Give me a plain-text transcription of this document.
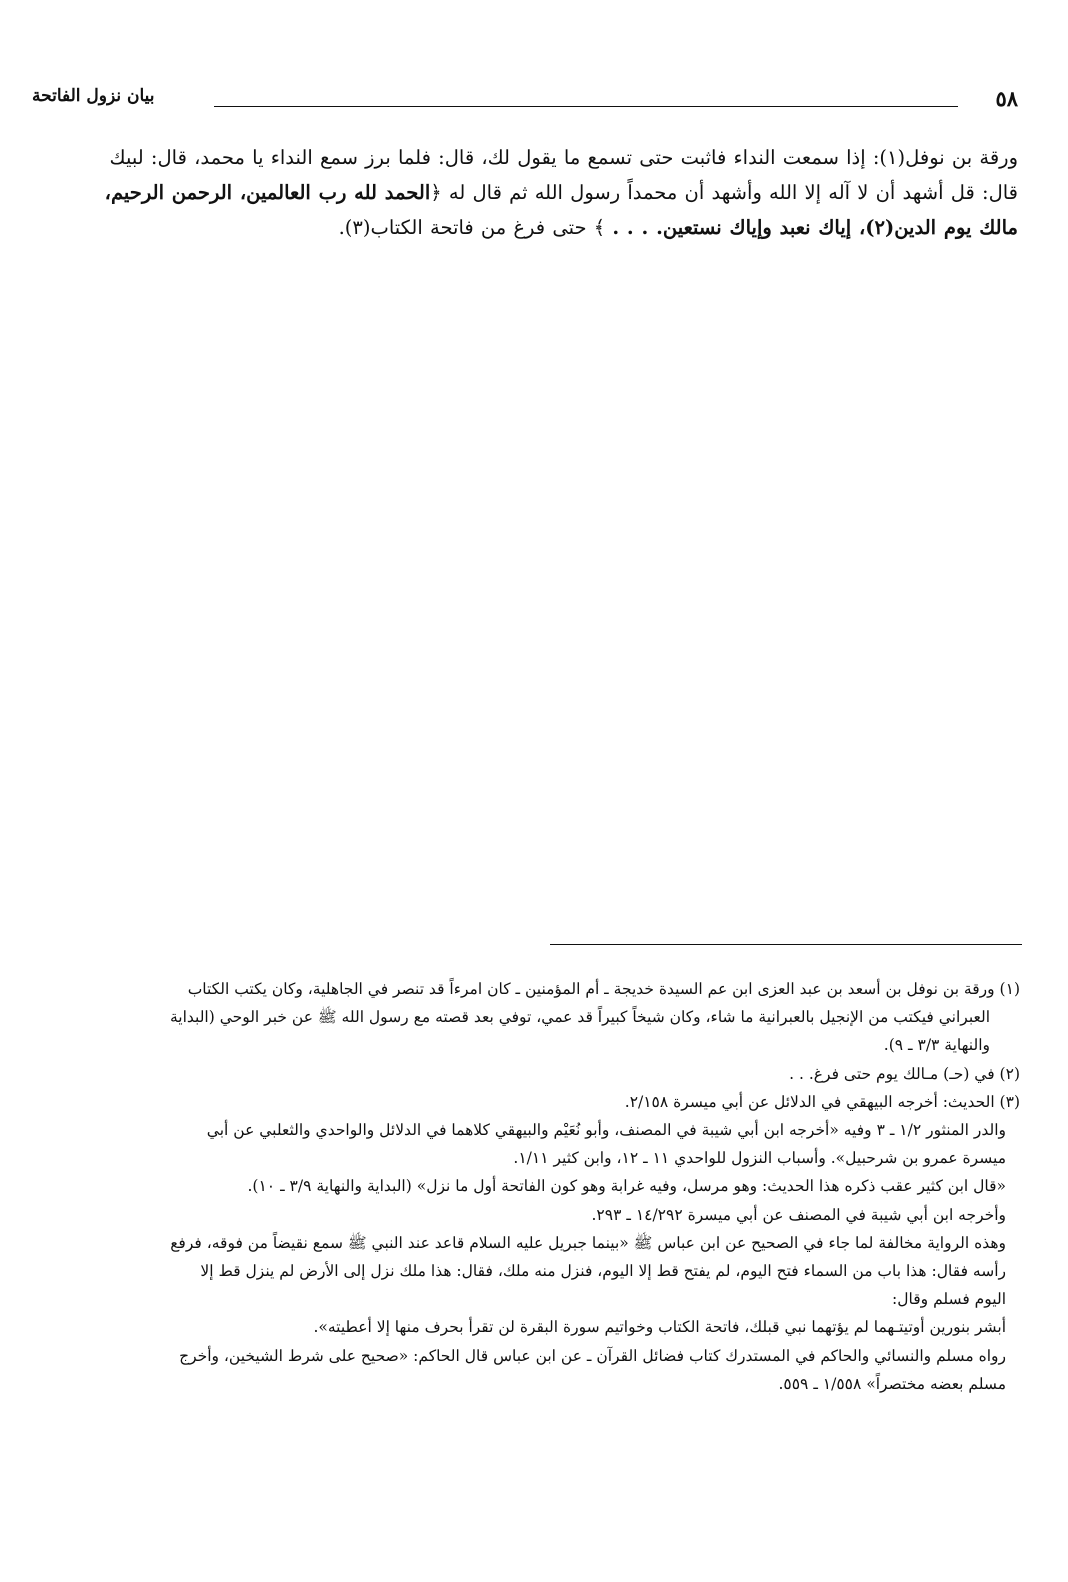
٥٨
بيان نزول الفاتحة
ورقة بن نوفل(١): إذا سمعت النداء فاثبت حتى تسمع ما يقول لك، قال: فلما برز سمع النداء يا محمد، قال: لبيك
قال: قل أشهد أن لا آله إلا الله وأشهد أن محمداً رسول الله ثم قال له ﴿الحمد لله رب العالمين، الرحمن الرحيم،
مالك يوم الدين(٢)، إياك نعبد وإياك نستعين. . . . ﴾ حتى فرغ من فاتحة الكتاب(٣).
(١) ورقة بن نوفل بن أسعد بن عبد العزى ابن عم السيدة خديجة ـ أم المؤمنين ـ كان امرءاً قد تنصر في الجاهلية، وكان يكتب الكتاب
العبراني فيكتب من الإنجيل بالعبرانية ما شاء، وكان شيخاً كبيراً قد عمي، توفي بعد قصته مع رسول الله ﷺ عن خبر الوحي (البداية
والنهاية ٣/٣ ـ ٩).
(٢) في (حـ) مـالك يوم حتى فرغ. . .
(٣) الحديث: أخرجه البيهقي في الدلائل عن أبي ميسرة ٢/١٥٨.
والدر المنثور ١/٢ ـ ٣ وفيه «أخرجه ابن أبي شيبة في المصنف، وأبو نُعَيْم والبيهقي كلاهما في الدلائل والواحدي والثعلبي عن أبي
ميسرة عمرو بن شرحبيل». وأسباب النزول للواحدي ١١ ـ ١٢، وابن كثير ١/١١.
«قال ابن كثير عقب ذكره هذا الحديث: وهو مرسل، وفيه غرابة وهو كون الفاتحة أول ما نزل» (البداية والنهاية ٣/٩ ـ ١٠).
وأخرجه ابن أبي شيبة في المصنف عن أبي ميسرة ١٤/٢٩٢ ـ ٢٩٣.
وهذه الرواية مخالفة لما جاء في الصحيح عن ابن عباس ﷺ «بينما جبريل عليه السلام قاعد عند النبي ﷺ سمع نقيضاً من فوقه، فرفع
رأسه فقال: هذا باب من السماء فتح اليوم، لم يفتح قط إلا اليوم، فنزل منه ملك، فقال: هذا ملك نزل إلى الأرض لم ينزل قط إلا
اليوم فسلم وقال:
أبشر بنورين أوتيتـهما لم يؤتهما نبي قبلك، فاتحة الكتاب وخواتيم سورة البقرة لن تقرأ بحرف منها إلا أعطيته».
رواه مسلم والنسائي والحاكم في المستدرك كتاب فضائل القرآن ـ عن ابن عباس قال الحاكم: «صحيح على شرط الشيخين، وأخرج
مسلم بعضه مختصراً» ١/٥٥٨ ـ ٥٥٩.
